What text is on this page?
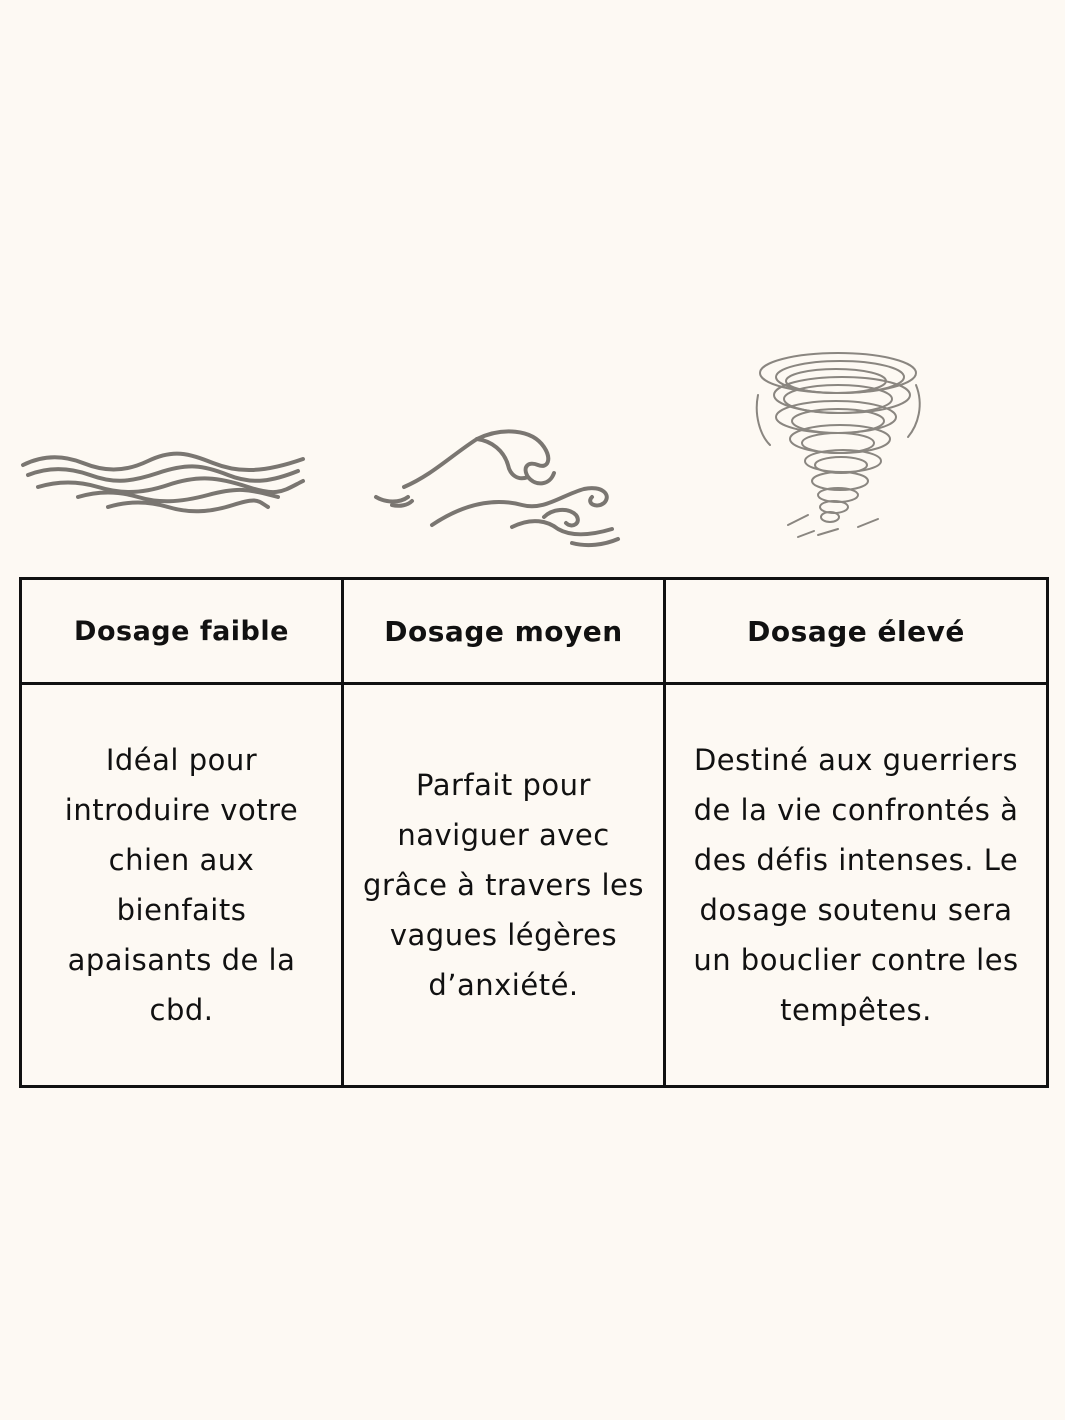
Dosage faible	Dosage moyen	Dosage élevé
Idéal pour introduire votre chien aux bienfaits apaisants de la cbd.	Parfait pour naviguer avec grâce à travers les vagues légères d’anxiété.	Destiné aux guerriers de la vie confrontés à des défis intenses. Le dosage soutenu sera un bouclier contre les tempêtes.
